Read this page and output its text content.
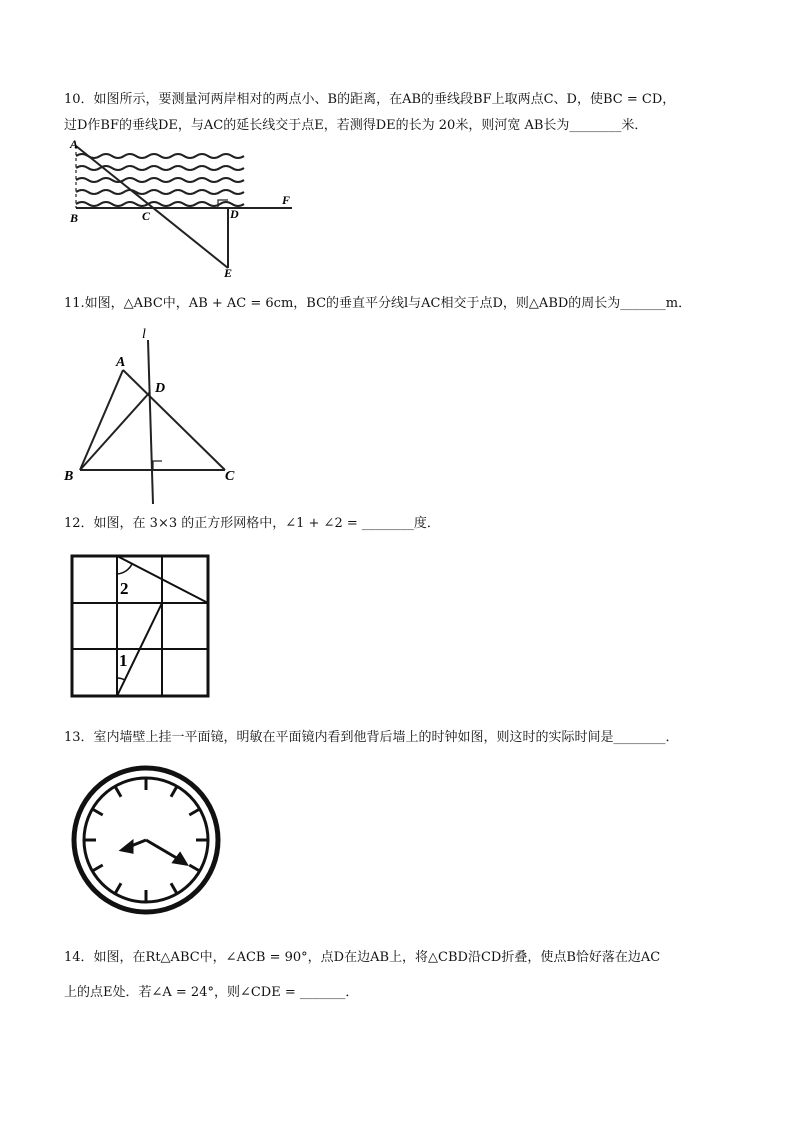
10．如图所示，要测量河两岸相对的两点小、B的距离，在AB的垂线段BF上取两点C、D，使BC = CD，
过D作BF的垂线DE，与AC的延长线交于点E，若测得DE的长为 20米，则河宽 AB长为________米．
A
B	C	D
E
F
11.如图，△ABC中，AB + AC = 6cm，BC的垂直平分线l与AC相交于点D，则△ABD的周长为_______m．
l
A
D
B	C
12．如图，在 3×3 的正方形网格中，∠1 + ∠2 = ________度．
2
1
13．室内墙壁上挂一平面镜，明敏在平面镜内看到他背后墙上的时钟如图，则这时的实际时间是________．
14．如图，在Rt△ABC中，∠ACB = 90°，点D在边AB上，将△CBD沿CD折叠，使点B恰好落在边AC
上的点E处．若∠A = 24°，则∠CDE = _______．
